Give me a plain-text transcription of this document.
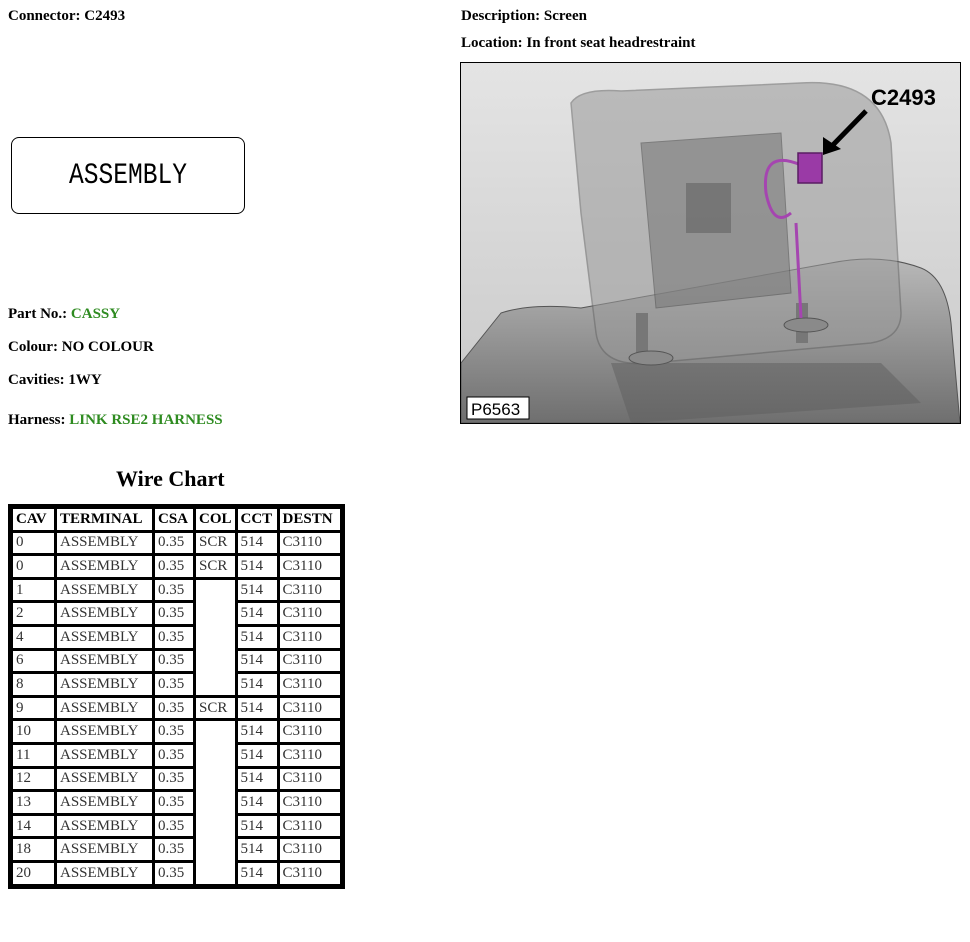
Connector: C2493	Description: Screen
Location: In front seat headrestraint
ASSEMBLY
Part No.: CASSY
Colour: NO COLOUR
Cavities: 1WY
Harness: LINK RSE2 HARNESS
C2493
P6563
Wire Chart
CAV	TERMINAL	CSA	COL	CCT	DESTN
0	ASSEMBLY	0.35	SCR	514	C3110
0	ASSEMBLY	0.35	SCR	514	C3110
1	ASSEMBLY	0.35		514	C3110
2	ASSEMBLY	0.35		514	C3110
4	ASSEMBLY	0.35		514	C3110
6	ASSEMBLY	0.35		514	C3110
8	ASSEMBLY	0.35		514	C3110
9	ASSEMBLY	0.35	SCR	514	C3110
10	ASSEMBLY	0.35		514	C3110
11	ASSEMBLY	0.35		514	C3110
12	ASSEMBLY	0.35		514	C3110
13	ASSEMBLY	0.35		514	C3110
14	ASSEMBLY	0.35		514	C3110
18	ASSEMBLY	0.35		514	C3110
20	ASSEMBLY	0.35		514	C3110
